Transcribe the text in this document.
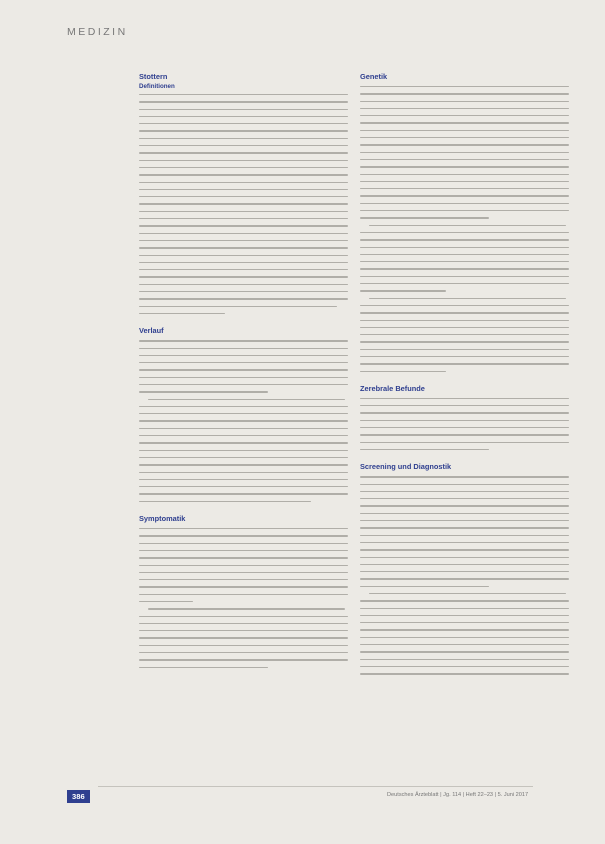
MEDIZIN
Stottern
Definitionen
Verlauf
Symptomatik
Genetik
Zerebrale Befunde
Screening und Diagnostik
386	Deutsches Ärzteblatt | Jg. 114 | Heft 22–23 | 5. Juni 2017
